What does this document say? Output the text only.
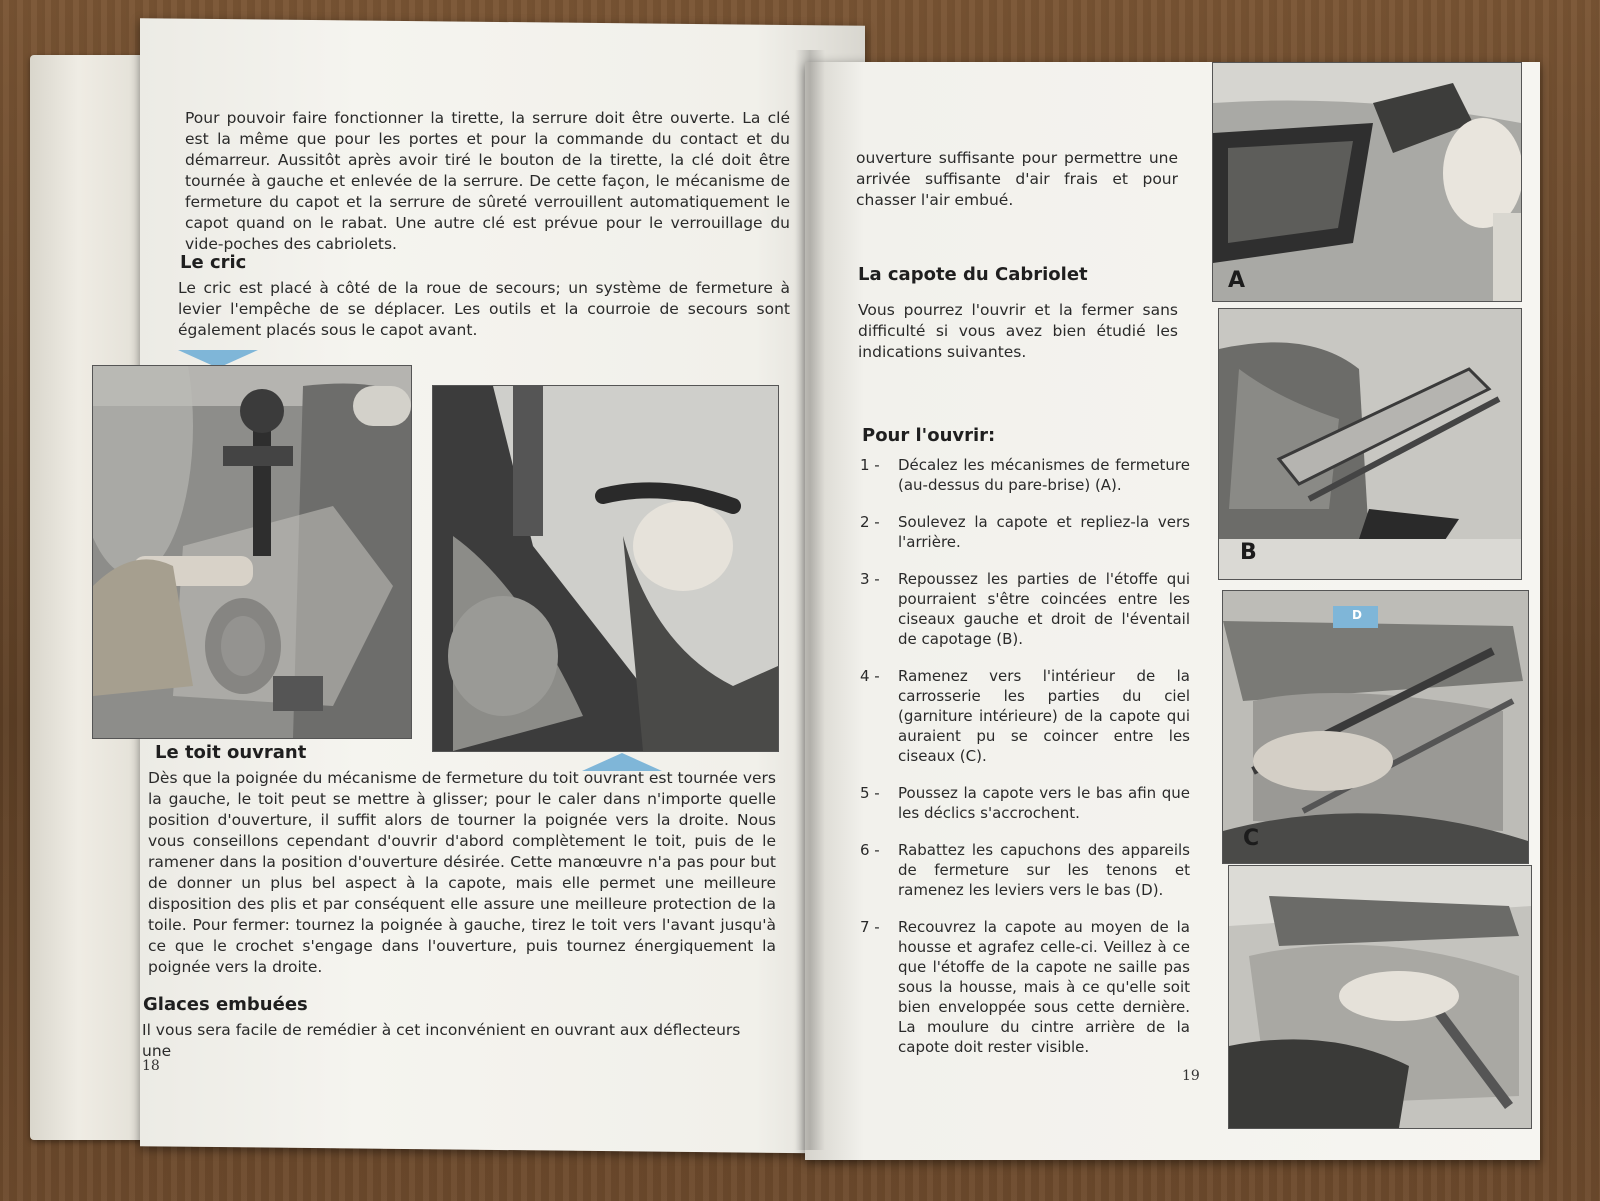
Pour pouvoir faire fonctionner la tirette, la serrure doit être ouverte. La clé est la même que pour les portes et pour la commande du contact et du démarreur. Aussitôt après avoir tiré le bouton de la tirette, la clé doit être tournée à gauche et enlevée de la serrure. De cette façon, le mécanisme de fermeture du capot et la serrure de sûreté verrouillent automatiquement le capot quand on le rabat. Une autre clé est prévue pour le verrouillage du vide-poches des cabriolets.

Le cric

Le cric est placé à côté de la roue de secours; un système de fermeture à levier l'empêche de se déplacer. Les outils et la courroie de secours sont également placés sous le capot avant.

Le toit ouvrant

Dès que la poignée du mécanisme de fermeture du toit ouvrant est tournée vers la gauche, le toit peut se mettre à glisser; pour le caler dans n'importe quelle position d'ouverture, il suffit alors de tourner la poignée vers la droite. Nous vous conseillons cependant d'ouvrir d'abord complètement le toit, puis de le ramener dans la position d'ouverture désirée. Cette manœuvre n'a pas pour but de donner un plus bel aspect à la capote, mais elle permet une meilleure disposition des plis et par conséquent elle assure une meilleure protection de la toile. Pour fermer: tournez la poignée à gauche, tirez le toit vers l'avant jusqu'à ce que le crochet s'engage dans l'ouverture, puis tournez énergiquement la poignée vers la droite.

Glaces embuées

Il vous sera facile de remédier à cet inconvénient en ouvrant aux déflecteurs une

18

ouverture suffisante pour permettre une arrivée suffisante d'air frais et pour chasser l'air embué.

La capote du Cabriolet

Vous pourrez l'ouvrir et la fermer sans difficulté si vous avez bien étudié les indications suivantes.

Pour l'ouvrir:
1 -	Décalez les mécanismes de fermeture (au-dessus du pare-brise) (A).
2 -	Soulevez la capote et repliez-la vers l'arrière.
3 -	Repoussez les parties de l'étoffe qui pourraient s'être coincées entre les ciseaux gauche et droit de l'éventail de capotage (B).
4 -	Ramenez vers l'intérieur de la carrosserie les parties du ciel (garniture intérieure) de la capote qui auraient pu se coincer entre les ciseaux (C).
5 -	Poussez la capote vers le bas afin que les déclics s'accrochent.
6 -	Rabattez les capuchons des appareils de fermeture sur les tenons et ramenez les leviers vers le bas (D).
7 -	Recouvrez la capote au moyen de la housse et agrafez celle-ci. Veillez à ce que l'étoffe de la capote ne saille pas sous la housse, mais à ce qu'elle soit bien enveloppée sous cette dernière. La moulure du cintre arrière de la capote doit rester visible.
19
A
B
C
D
